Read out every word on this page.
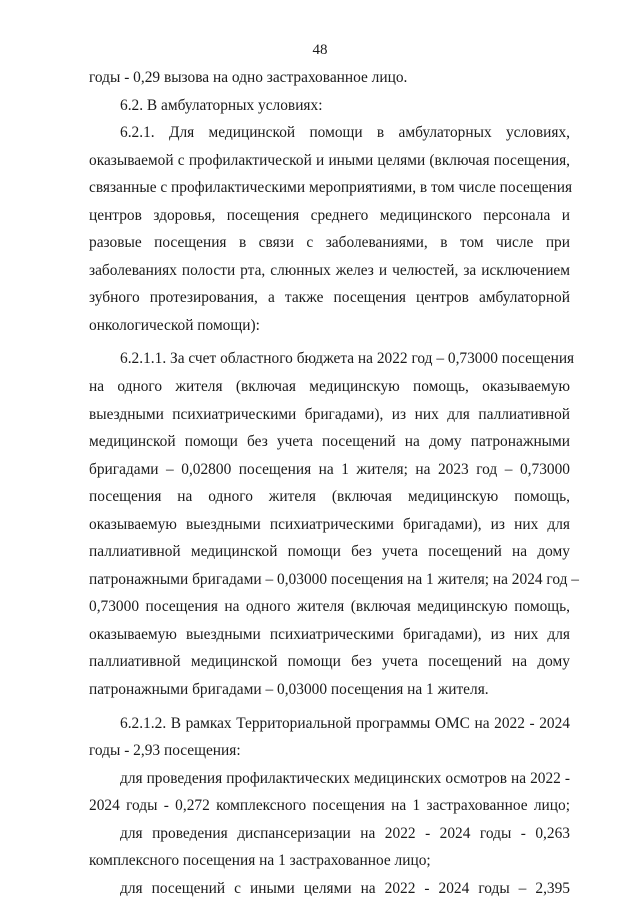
48
годы - 0,29 вызова на одно застрахованное лицо.
6.2. В амбулаторных условиях:
6.2.1. Для медицинской помощи в амбулаторных условиях,
оказываемой с профилактической и иными целями (включая посещения,
связанные с профилактическими мероприятиями, в том числе посещения
центров здоровья, посещения среднего медицинского персонала и
разовые посещения в связи с заболеваниями, в том числе при
заболеваниях полости рта, слюнных желез и челюстей, за исключением
зубного протезирования, а также посещения центров амбулаторной
онкологической помощи):
6.2.1.1. За счет областного бюджета на 2022 год – 0,73000 посещения
на одного жителя (включая медицинскую помощь, оказываемую
выездными психиатрическими бригадами), из них для паллиативной
медицинской помощи без учета посещений на дому патронажными
бригадами – 0,02800 посещения на 1 жителя; на 2023 год – 0,73000
посещения на одного жителя (включая медицинскую помощь,
оказываемую выездными психиатрическими бригадами), из них для
паллиативной медицинской помощи без учета посещений на дому
патронажными бригадами – 0,03000 посещения на 1 жителя; на 2024 год –
0,73000 посещения на одного жителя (включая медицинскую помощь,
оказываемую выездными психиатрическими бригадами), из них для
паллиативной медицинской помощи без учета посещений на дому
патронажными бригадами – 0,03000 посещения на 1 жителя.
6.2.1.2. В рамках Территориальной программы ОМС на 2022 - 2024
годы - 2,93 посещения:
для проведения профилактических медицинских осмотров на 2022 -
2024 годы - 0,272 комплексного посещения на 1 застрахованное лицо;
для проведения диспансеризации на 2022 - 2024 годы - 0,263
комплексного посещения на 1 застрахованное лицо;
для посещений с иными целями на 2022 - 2024 годы – 2,395
